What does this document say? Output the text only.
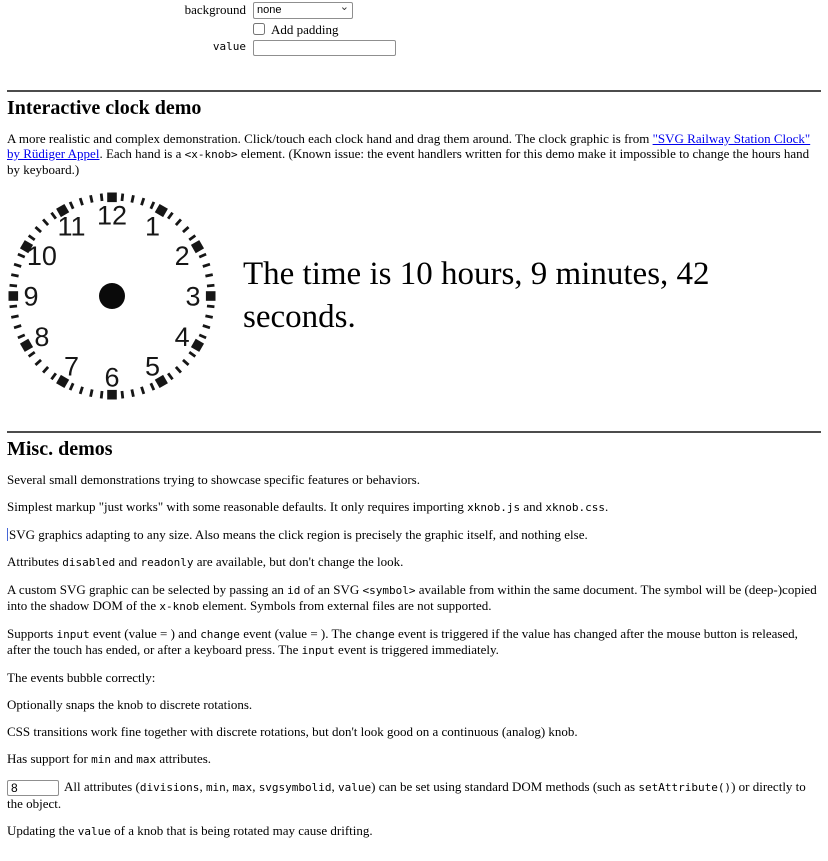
background
none	⌄
Add padding
value
Interactive clock demo

A more realistic and complex demonstration. Click/touch each clock hand and drag them around. The clock graphic is from "SVG Railway Station Clock" by Rüdiger Appel. Each hand is a <x-knob> element. (Known issue: the event handlers written for this demo make it impossible to change the hours hand by keyboard.)

1
2
3
4
5
6
7
8
9
10
11 12
The time is 10 hours, 9 minutes, 42 seconds.
Misc. demos

Several small demonstrations trying to showcase specific features or behaviors.

Simplest markup "just works" with some reasonable defaults. It only requires importing xknob.js and xknob.css.

SVG graphics adapting to any size. Also means the click region is precisely the graphic itself, and nothing else.

Attributes disabled and readonly are available, but don't change the look.

A custom SVG graphic can be selected by passing an id of an SVG <symbol> available from within the same document. The symbol will be (deep-)copied into the shadow DOM of the x-knob element. Symbols from external files are not supported.

Supports input event (value = ) and change event (value = ). The change event is triggered if the value has changed after the mouse button is released, after the touch has ended, or after a keyboard press. The input event is triggered immediately.

The events bubble correctly:

Optionally snaps the knob to discrete rotations.

CSS transitions work fine together with discrete rotations, but don't look good on a continuous (analog) knob.

Has support for min and max attributes.

8All attributes (divisions, min, max, svgsymbolid, value) can be set using standard DOM methods (such as setAttribute()) or directly to the object.

Updating the value of a knob that is being rotated may cause drifting.
